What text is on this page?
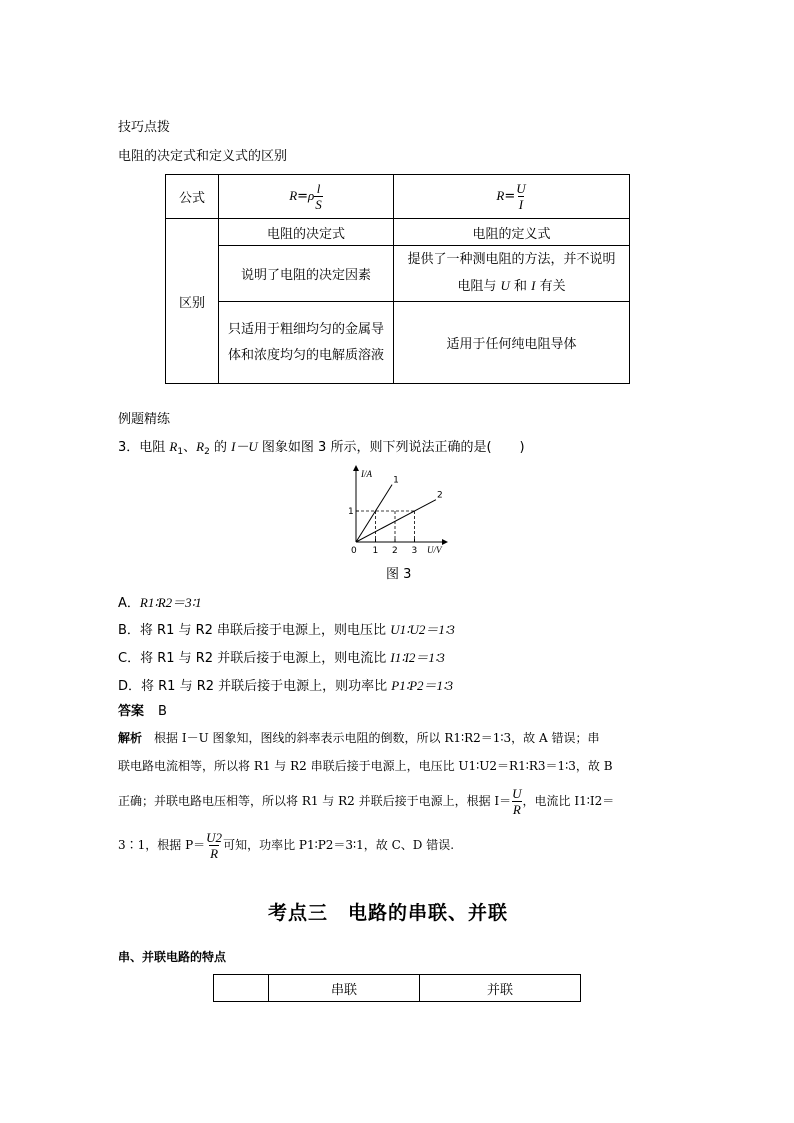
技巧点拨
电阻的决定式和定义式的区别
公式	$R=\rho \frac{l}{S}$	$R= \frac{U}{I}$

区别	电阻的决定式	电阻的定义式
	说明了电阻的决定因素	提供了一种测电阻的方法，并不说明
电阻与 U 和 I 有关
	只适用于粗细均匀的金属导体和浓度均匀的电解质溶液	适用于任何纯电阻导体
例题精练
3．电阻 $R_1$、$R_2$ 的 I－U 图象如图 3 所示，则下列说法正确的是( )
I/A
U/V
0 1 2 3
1
1
2
图 3
A．R1∶R2＝3∶1
B．将 R1 与 R2 串联后接于电源上，则电压比 U1∶U2＝1∶3
C．将 R1 与 R2 并联后接于电源上，则电流比 I1∶I2＝1∶3
D．将 R1 与 R2 并联后接于电源上，则功率比 P1∶P2＝1∶3
答案 B
解析 根据 I－U 图象知，图线的斜率表示电阻的倒数，所以 R1∶R2＝1∶3，故 A 错误；串
联电路电流相等，所以将 R1 与 R2 串联后接于电源上，电压比 U1∶U2＝R1∶R3＝1∶3，故 B
正确；并联电路电压相等，所以将 R1 与 R2 并联后接于电源上，根据 $I= \frac{U}{R}$ ，电流比 I1∶I2＝
3∶1，根据 $P= \frac{U2}{R}$ 可知，功率比 P1∶P2＝3∶1，故 C、D 错误.
考点三　电路的串联、并联
串、并联电路的特点
	串联	并联
